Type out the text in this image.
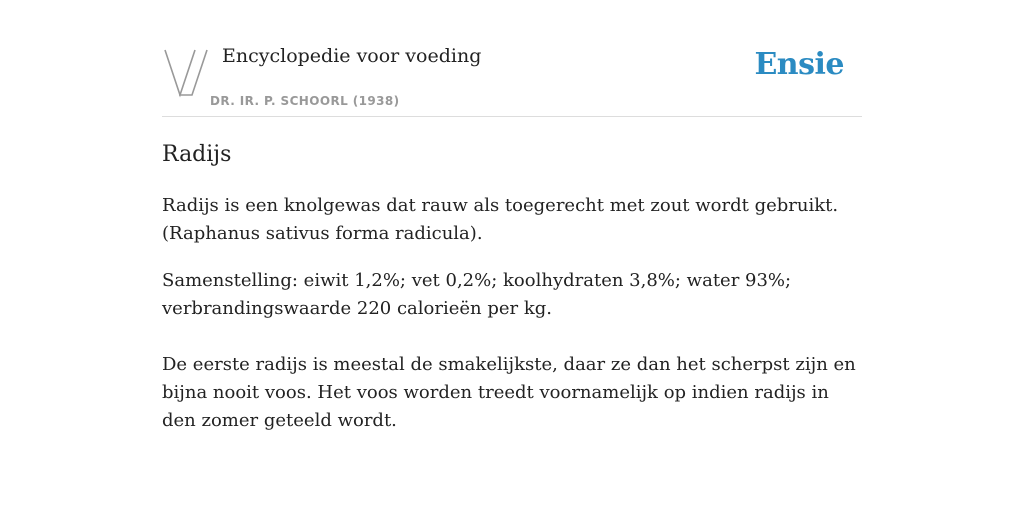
Encyclopedie voor voeding
DR. IR. P. SCHOORL (1938)
Ensie
Radijs

Radijs is een knolgewas dat rauw als toegerecht met zout wordt gebruikt. (Raphanus sativus forma radicula).

Samenstelling: eiwit 1,2%; vet 0,2%; koolhydraten 3,8%; water 93%; verbrandingswaarde 220 calorieën per kg.

De eerste radijs is meestal de smakelijkste, daar ze dan het scherpst zijn en bijna nooit voos. Het voos worden treedt voornamelijk op indien radijs in den zomer geteeld wordt.
